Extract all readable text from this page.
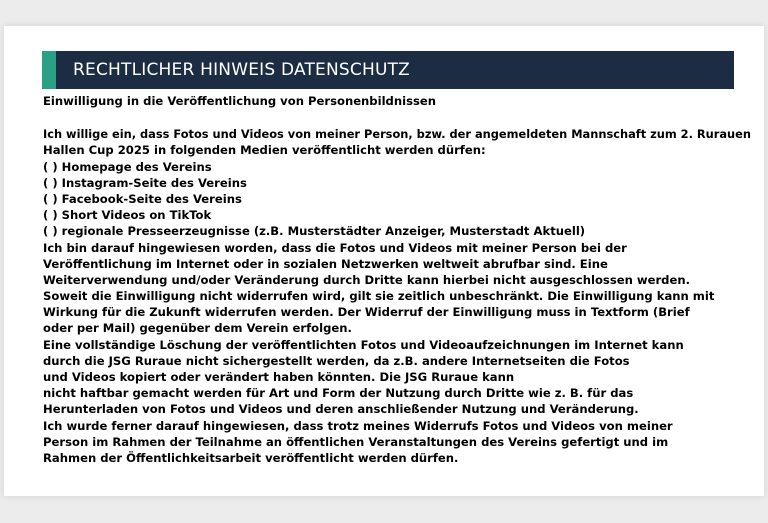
RECHTLICHER HINWEIS DATENSCHUTZ
Einwilligung in die Veröffentlichung von Personenbildnissen
Ich willige ein, dass Fotos und Videos von meiner Person, bzw. der angemeldeten Mannschaft zum 2. Rurauen
Hallen Cup 2025 in folgenden Medien veröffentlicht werden dürfen:
( ) Homepage des Vereins
( ) Instagram-Seite des Vereins
( ) Facebook-Seite des Vereins
( ) Short Videos on TikTok
( ) regionale Presseerzeugnisse (z.B. Musterstädter Anzeiger, Musterstadt Aktuell)
Ich bin darauf hingewiesen worden, dass die Fotos und Videos mit meiner Person bei der
Veröffentlichung im Internet oder in sozialen Netzwerken weltweit abrufbar sind. Eine
Weiterverwendung und/oder Veränderung durch Dritte kann hierbei nicht ausgeschlossen werden.
Soweit die Einwilligung nicht widerrufen wird, gilt sie zeitlich unbeschränkt. Die Einwilligung kann mit
Wirkung für die Zukunft widerrufen werden. Der Widerruf der Einwilligung muss in Textform (Brief
oder per Mail) gegenüber dem Verein erfolgen.
Eine vollständige Löschung der veröffentlichten Fotos und Videoaufzeichnungen im Internet kann
durch die JSG Ruraue nicht sichergestellt werden, da z.B. andere Internetseiten die Fotos
und Videos kopiert oder verändert haben könnten. Die JSG Ruraue kann
nicht haftbar gemacht werden für Art und Form der Nutzung durch Dritte wie z. B. für das
Herunterladen von Fotos und Videos und deren anschließender Nutzung und Veränderung.
Ich wurde ferner darauf hingewiesen, dass trotz meines Widerrufs Fotos und Videos von meiner
Person im Rahmen der Teilnahme an öffentlichen Veranstaltungen des Vereins gefertigt und im
Rahmen der Öffentlichkeitsarbeit veröffentlicht werden dürfen.
